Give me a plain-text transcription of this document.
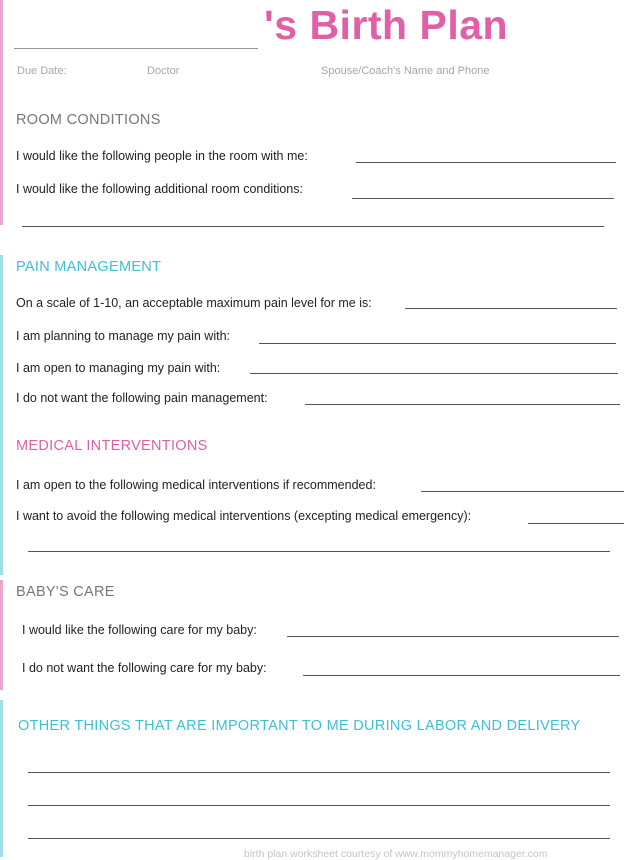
's Birth Plan
Due Date:	Doctor	Spouse/Coach's Name and Phone
ROOM CONDITIONS
I would like the following people in the room with me:
I would like the following additional room conditions:
PAIN MANAGEMENT
On a scale of 1-10, an acceptable maximum pain level for me is:
I am planning to manage my pain with:
I am open to managing my pain with:
I do not want the following pain management:
MEDICAL INTERVENTIONS
I am open to the following medical interventions if recommended:
I want to avoid the following medical interventions (excepting medical emergency):
BABY'S CARE
I would like the following care for my baby:
I do not want the following care for my baby:
OTHER THINGS THAT ARE IMPORTANT TO ME DURING LABOR AND DELIVERY
birth plan worksheet courtesy of www.mommyhomemanager.com
